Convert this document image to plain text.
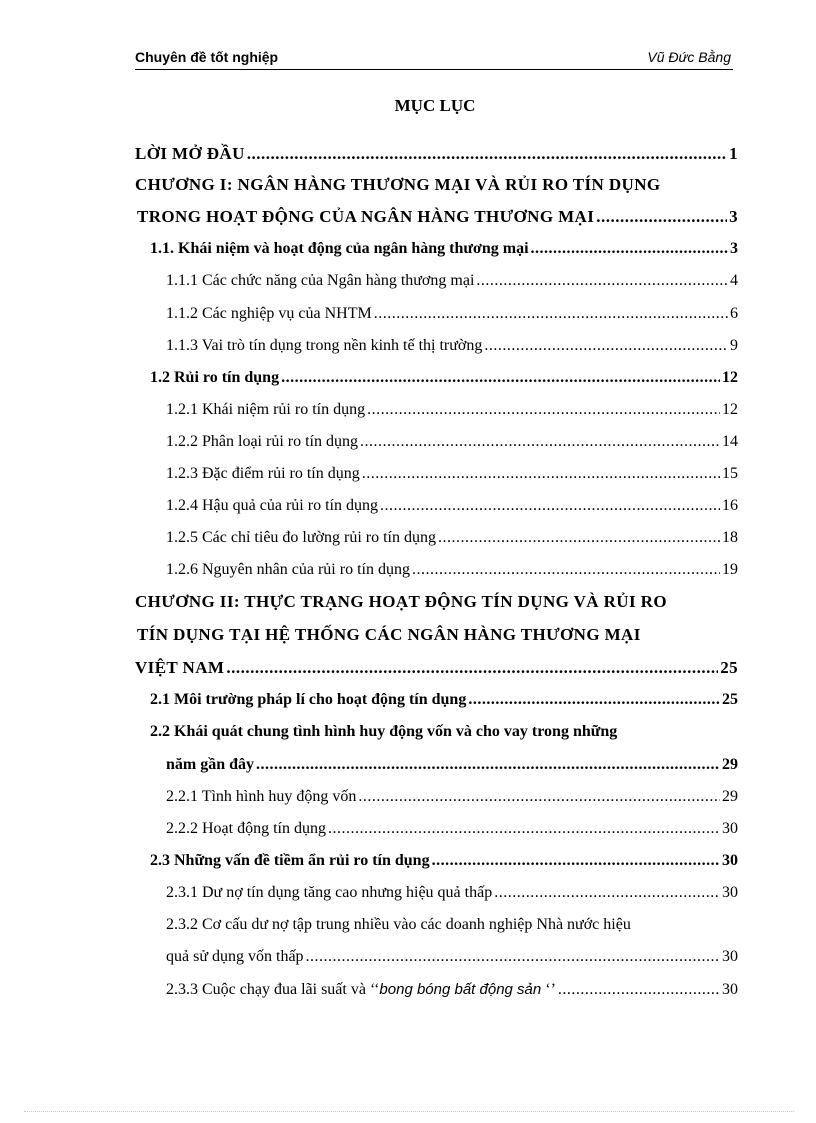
Chuyên đề tốt nghiệp	Vũ Đức Bằng
MỤC LỤC
LỜI MỞ ĐẦU .....	1
CHƯƠNG I: NGÂN HÀNG THƯƠNG MẠI VÀ RỦI RO TÍN DỤNG
TRONG HOẠT ĐỘNG CỦA NGÂN HÀNG THƯƠNG MẠI .....	3
1.1. Khái niệm và hoạt động của ngân hàng thương mại .....	3
1.1.1 Các chức năng của Ngân hàng thương mại .....	4
1.1.2 Các nghiệp vụ của NHTM .....	6
1.1.3 Vai trò tín dụng trong nền kinh tế thị trường .....	9
1.2 Rủi ro tín dụng .....	12
1.2.1 Khái niệm rủi ro tín dụng .....	12
1.2.2 Phân loại rủi ro tín dụng .....	14
1.2.3 Đặc điểm rủi ro tín dụng .....	15
1.2.4 Hậu quả của rủi ro tín dụng .....	16
1.2.5 Các chỉ tiêu đo lường rủi ro tín dụng .....	18
1.2.6 Nguyên nhân của rủi ro tín dụng .....	19
CHƯƠNG II: THỰC TRẠNG HOẠT ĐỘNG TÍN DỤNG VÀ RỦI RO
TÍN DỤNG TẠI HỆ THỐNG CÁC NGÂN HÀNG THƯƠNG MẠI
VIỆT NAM .....	25
2.1 Môi trường pháp lí cho hoạt động tín dụng .....	25
2.2 Khái quát chung tình hình huy động vốn và cho vay trong những
năm gần đây .....	29
2.2.1 Tình hình huy động vốn .....	29
2.2.2 Hoạt động tín dụng .....	30
2.3 Những vấn đề tiềm ẩn rủi ro tín dụng .....	30
2.3.1 Dư nợ tín dụng tăng cao nhưng hiệu quả thấp .....	30
2.3.2 Cơ cấu dư nợ tập trung nhiều vào các doanh nghiệp Nhà nước hiệu
quả sử dụng vốn thấp .....	30
2.3.3 Cuộc chạy đua lãi suất và ‘‘bong bóng bất động sản ‘’ .....	30
